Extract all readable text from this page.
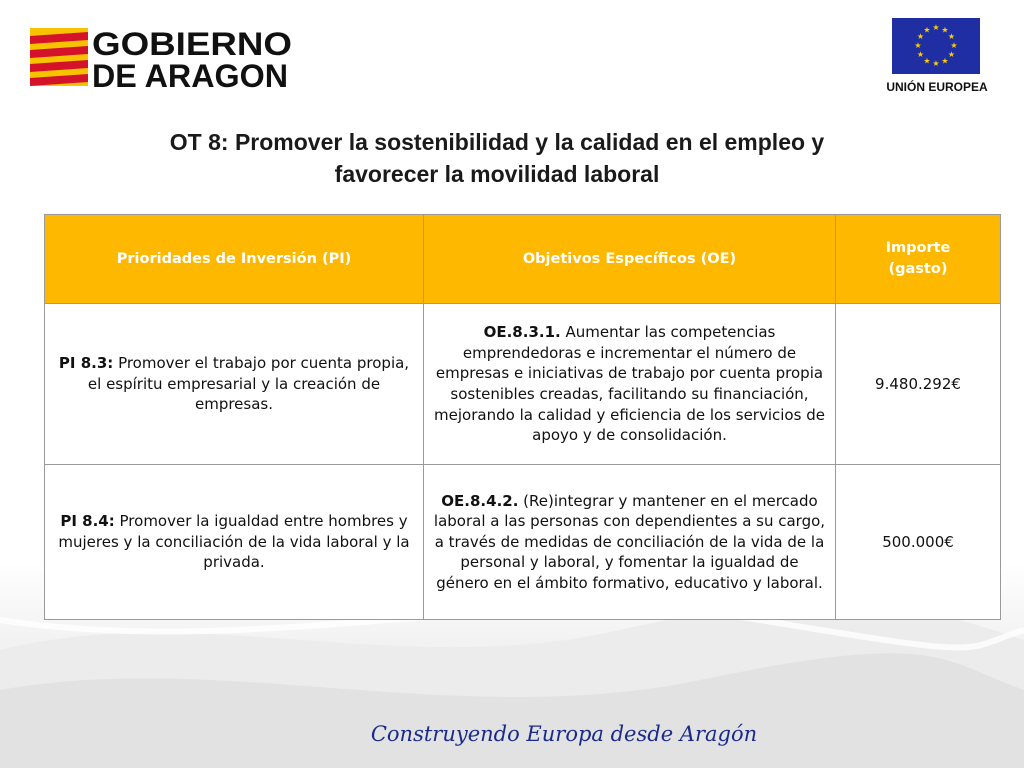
GOBIERNO
DE ARAGON
★ ★
★
★
★
★
★
★
★
★
★
★
UNIÓN EUROPEA
OT 8: Promover la sostenibilidad y la calidad en el empleo y
favorecer la movilidad laboral
Prioridades de Inversión (PI)	Objetivos Específicos (OE)	Importe
(gasto)

PI 8.3: Promover el trabajo por cuenta propia, el espíritu empresarial y la creación de empresas.	OE.8.3.1. Aumentar las competencias emprendedoras e incrementar el número de empresas e iniciativas de trabajo por cuenta propia sostenibles creadas, facilitando su financiación, mejorando la calidad y eficiencia de los servicios de apoyo y de consolidación.	9.480.292€
PI 8.4: Promover la igualdad entre hombres y mujeres y la conciliación de la vida laboral y la privada.	OE.8.4.2. (Re)integrar y mantener en el mercado laboral a las personas con dependientes a su cargo, a través de medidas de conciliación de la vida de la personal y laboral, y fomentar la igualdad de género en el ámbito formativo, educativo y laboral.	500.000€
Construyendo Europa desde Aragón
